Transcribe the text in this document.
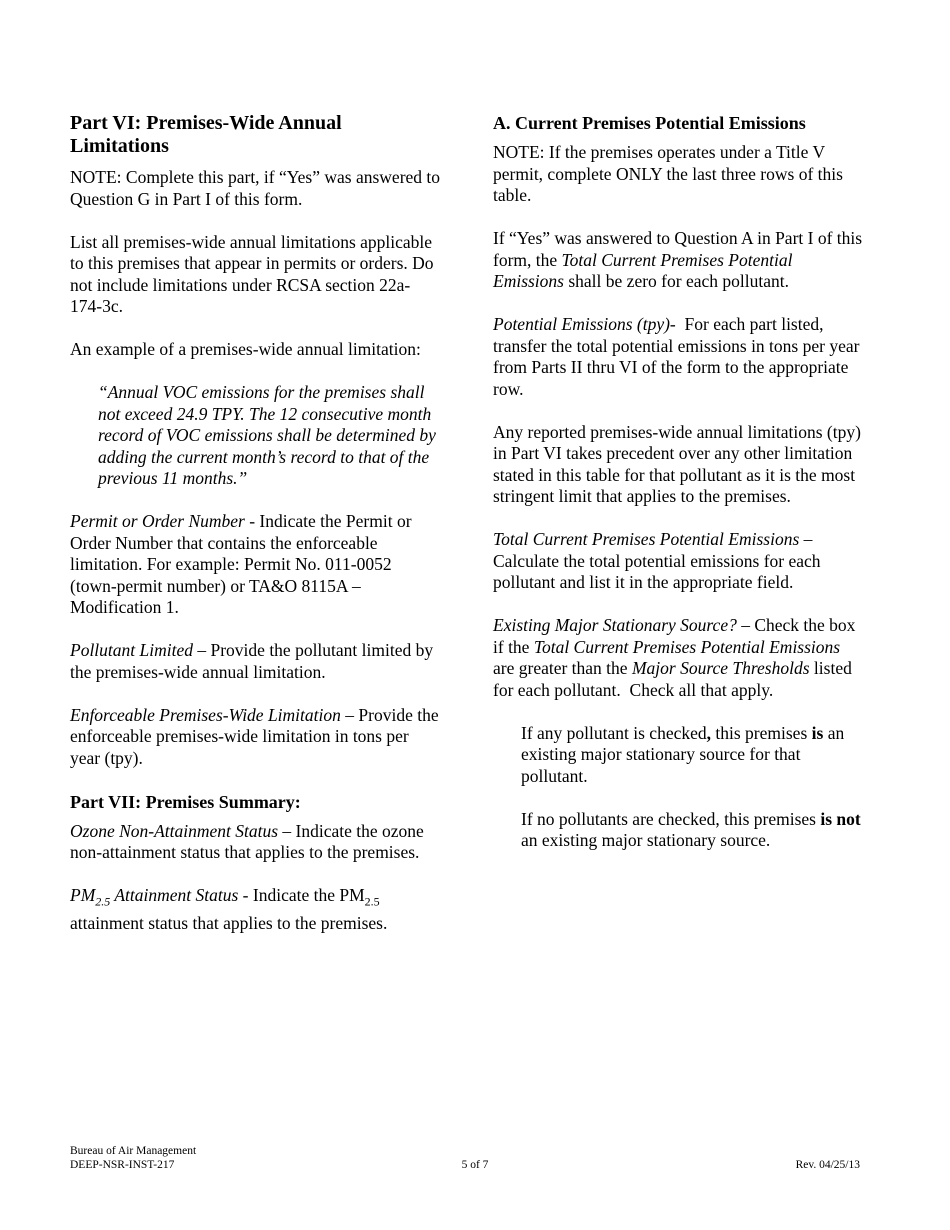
Part VI: Premises-Wide Annual Limitations

NOTE: Complete this part, if “Yes” was answered to Question G in Part I of this form.

List all premises-wide annual limitations applicable to this premises that appear in permits or orders. Do not include limitations under RCSA section 22a-174-3c.

An example of a premises-wide annual limitation:

“Annual VOC emissions for the premises shall not exceed 24.9 TPY. The 12 consecutive month record of VOC emissions shall be determined by adding the current month’s record to that of the previous 11 months.”

Permit or Order Number - Indicate the Permit or Order Number that contains the enforceable limitation. For example: Permit No. 011-0052 (town-permit number) or TA&O 8115A – Modification 1.

Pollutant Limited – Provide the pollutant limited by the premises-wide annual limitation.

Enforceable Premises-Wide Limitation – Provide the enforceable premises-wide limitation in tons per year (tpy).

Part VII: Premises Summary:

Ozone Non-Attainment Status – Indicate the ozone non-attainment status that applies to the premises.

$PM_{2.5}$ Attainment Status - Indicate the $PM_{2.5}$ attainment status that applies to the premises.

A. Current Premises Potential Emissions

NOTE: If the premises operates under a Title V permit, complete ONLY the last three rows of this table.

If “Yes” was answered to Question A in Part I of this form, the Total Current Premises Potential Emissions shall be zero for each pollutant.

Potential Emissions (tpy)-  For each part listed, transfer the total potential emissions in tons per year from Parts II thru VI of the form to the appropriate row.

Any reported premises-wide annual limitations (tpy) in Part VI takes precedent over any other limitation stated in this table for that pollutant as it is the most stringent limit that applies to the premises.

Total Current Premises Potential Emissions – Calculate the total potential emissions for each pollutant and list it in the appropriate field.

Existing Major Stationary Source? – Check the box if the Total Current Premises Potential Emissions are greater than the Major Source Thresholds listed for each pollutant.  Check all that apply.

If any pollutant is checked, this premises is an existing major stationary source for that pollutant.

If no pollutants are checked, this premises is not an existing major stationary source.

Bureau of Air Management
DEEP-NSR-INST-217	5 of 7	Rev. 04/25/13
